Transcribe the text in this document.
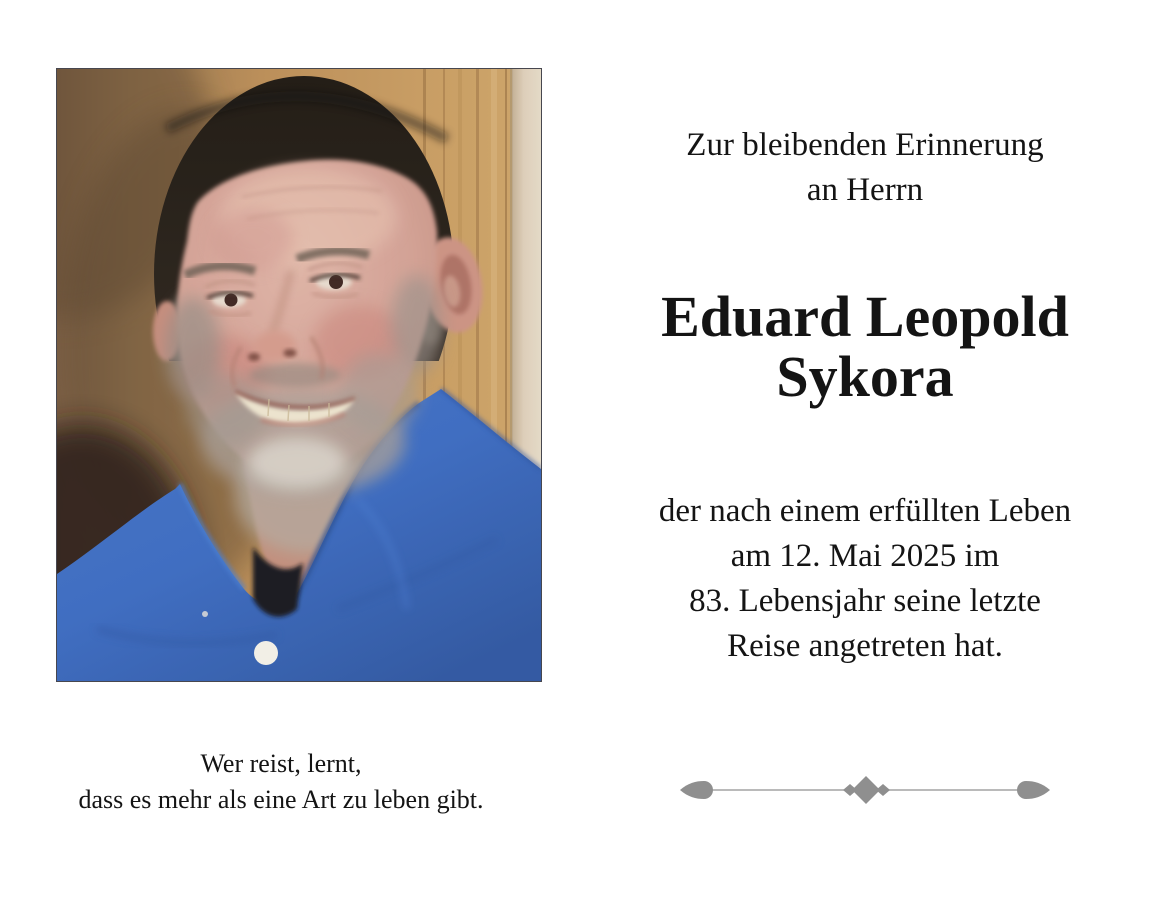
Zur bleibenden Erinnerung
an Herrn

Eduard Leopold
Sykora

der nach einem erfüllten Leben
am 12. Mai 2025 im
83. Lebensjahr seine letzte
Reise angetreten hat.

Wer reist, lernt,
dass es mehr als eine Art zu leben gibt.
